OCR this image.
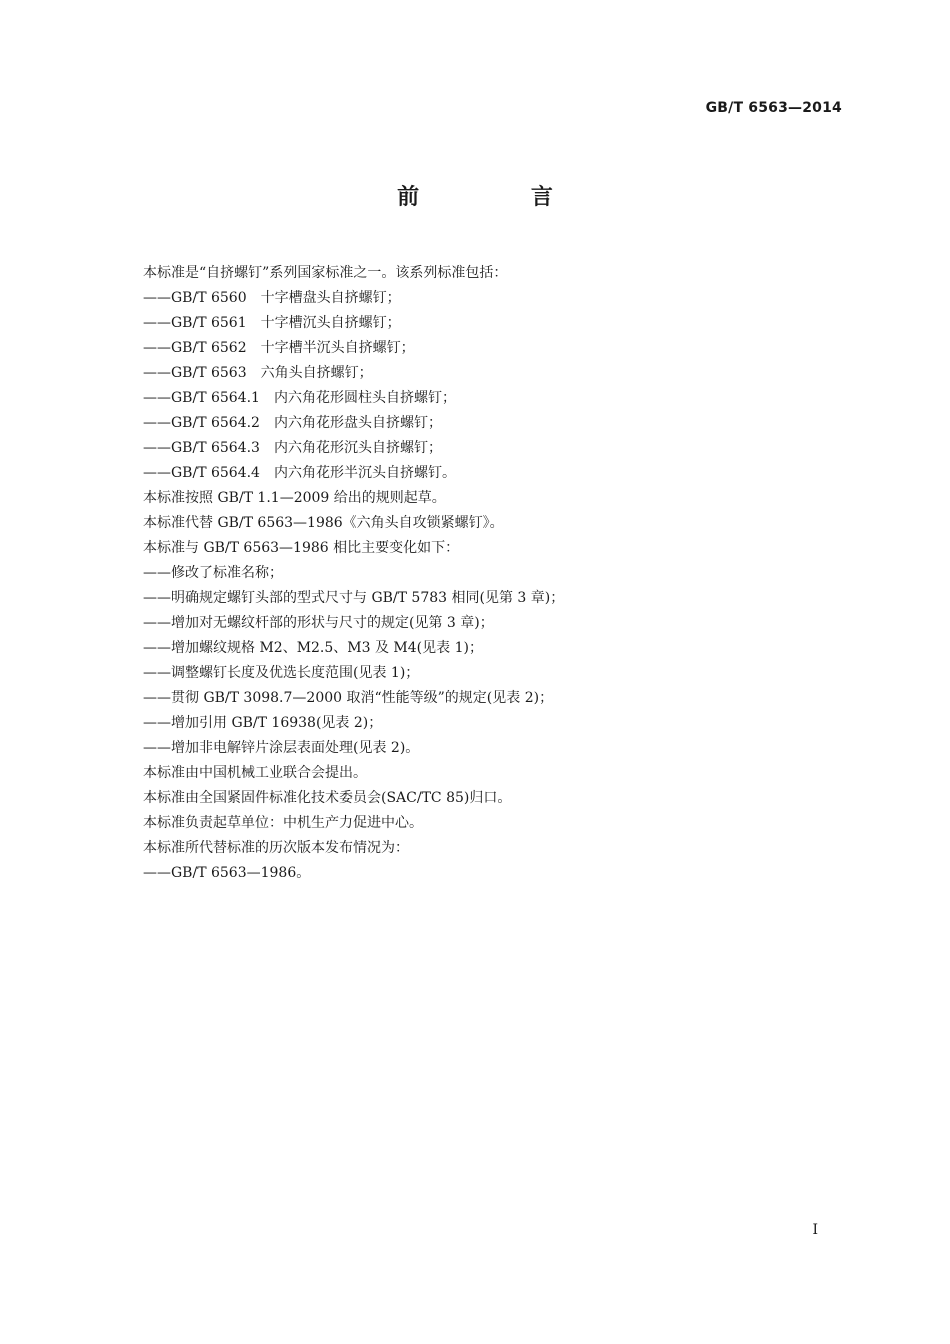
GB/T 6563—2014
前 言
本标准是“自挤螺钉”系列国家标准之一。该系列标准包括：
——GB/T 6560　十字槽盘头自挤螺钉；
——GB/T 6561　十字槽沉头自挤螺钉；
——GB/T 6562　十字槽半沉头自挤螺钉；
——GB/T 6563　六角头自挤螺钉；
——GB/T 6564.1　内六角花形圆柱头自挤螺钉；
——GB/T 6564.2　内六角花形盘头自挤螺钉；
——GB/T 6564.3　内六角花形沉头自挤螺钉；
——GB/T 6564.4　内六角花形半沉头自挤螺钉。
本标准按照 GB/T 1.1—2009 给出的规则起草。
本标准代替 GB/T 6563—1986《六角头自攻锁紧螺钉》。
本标准与 GB/T 6563—1986 相比主要变化如下：
——修改了标准名称；
——明确规定螺钉头部的型式尺寸与 GB/T 5783 相同(见第 3 章)；
——增加对无螺纹杆部的形状与尺寸的规定(见第 3 章)；
——增加螺纹规格 M2、M2.5、M3 及 M4(见表 1)；
——调整螺钉长度及优选长度范围(见表 1)；
——贯彻 GB/T 3098.7—2000 取消“性能等级”的规定(见表 2)；
——增加引用 GB/T 16938(见表 2)；
——增加非电解锌片涂层表面处理(见表 2)。
本标准由中国机械工业联合会提出。
本标准由全国紧固件标准化技术委员会(SAC/TC 85)归口。
本标准负责起草单位：中机生产力促进中心。
本标准所代替标准的历次版本发布情况为：
——GB/T 6563—1986。
I
